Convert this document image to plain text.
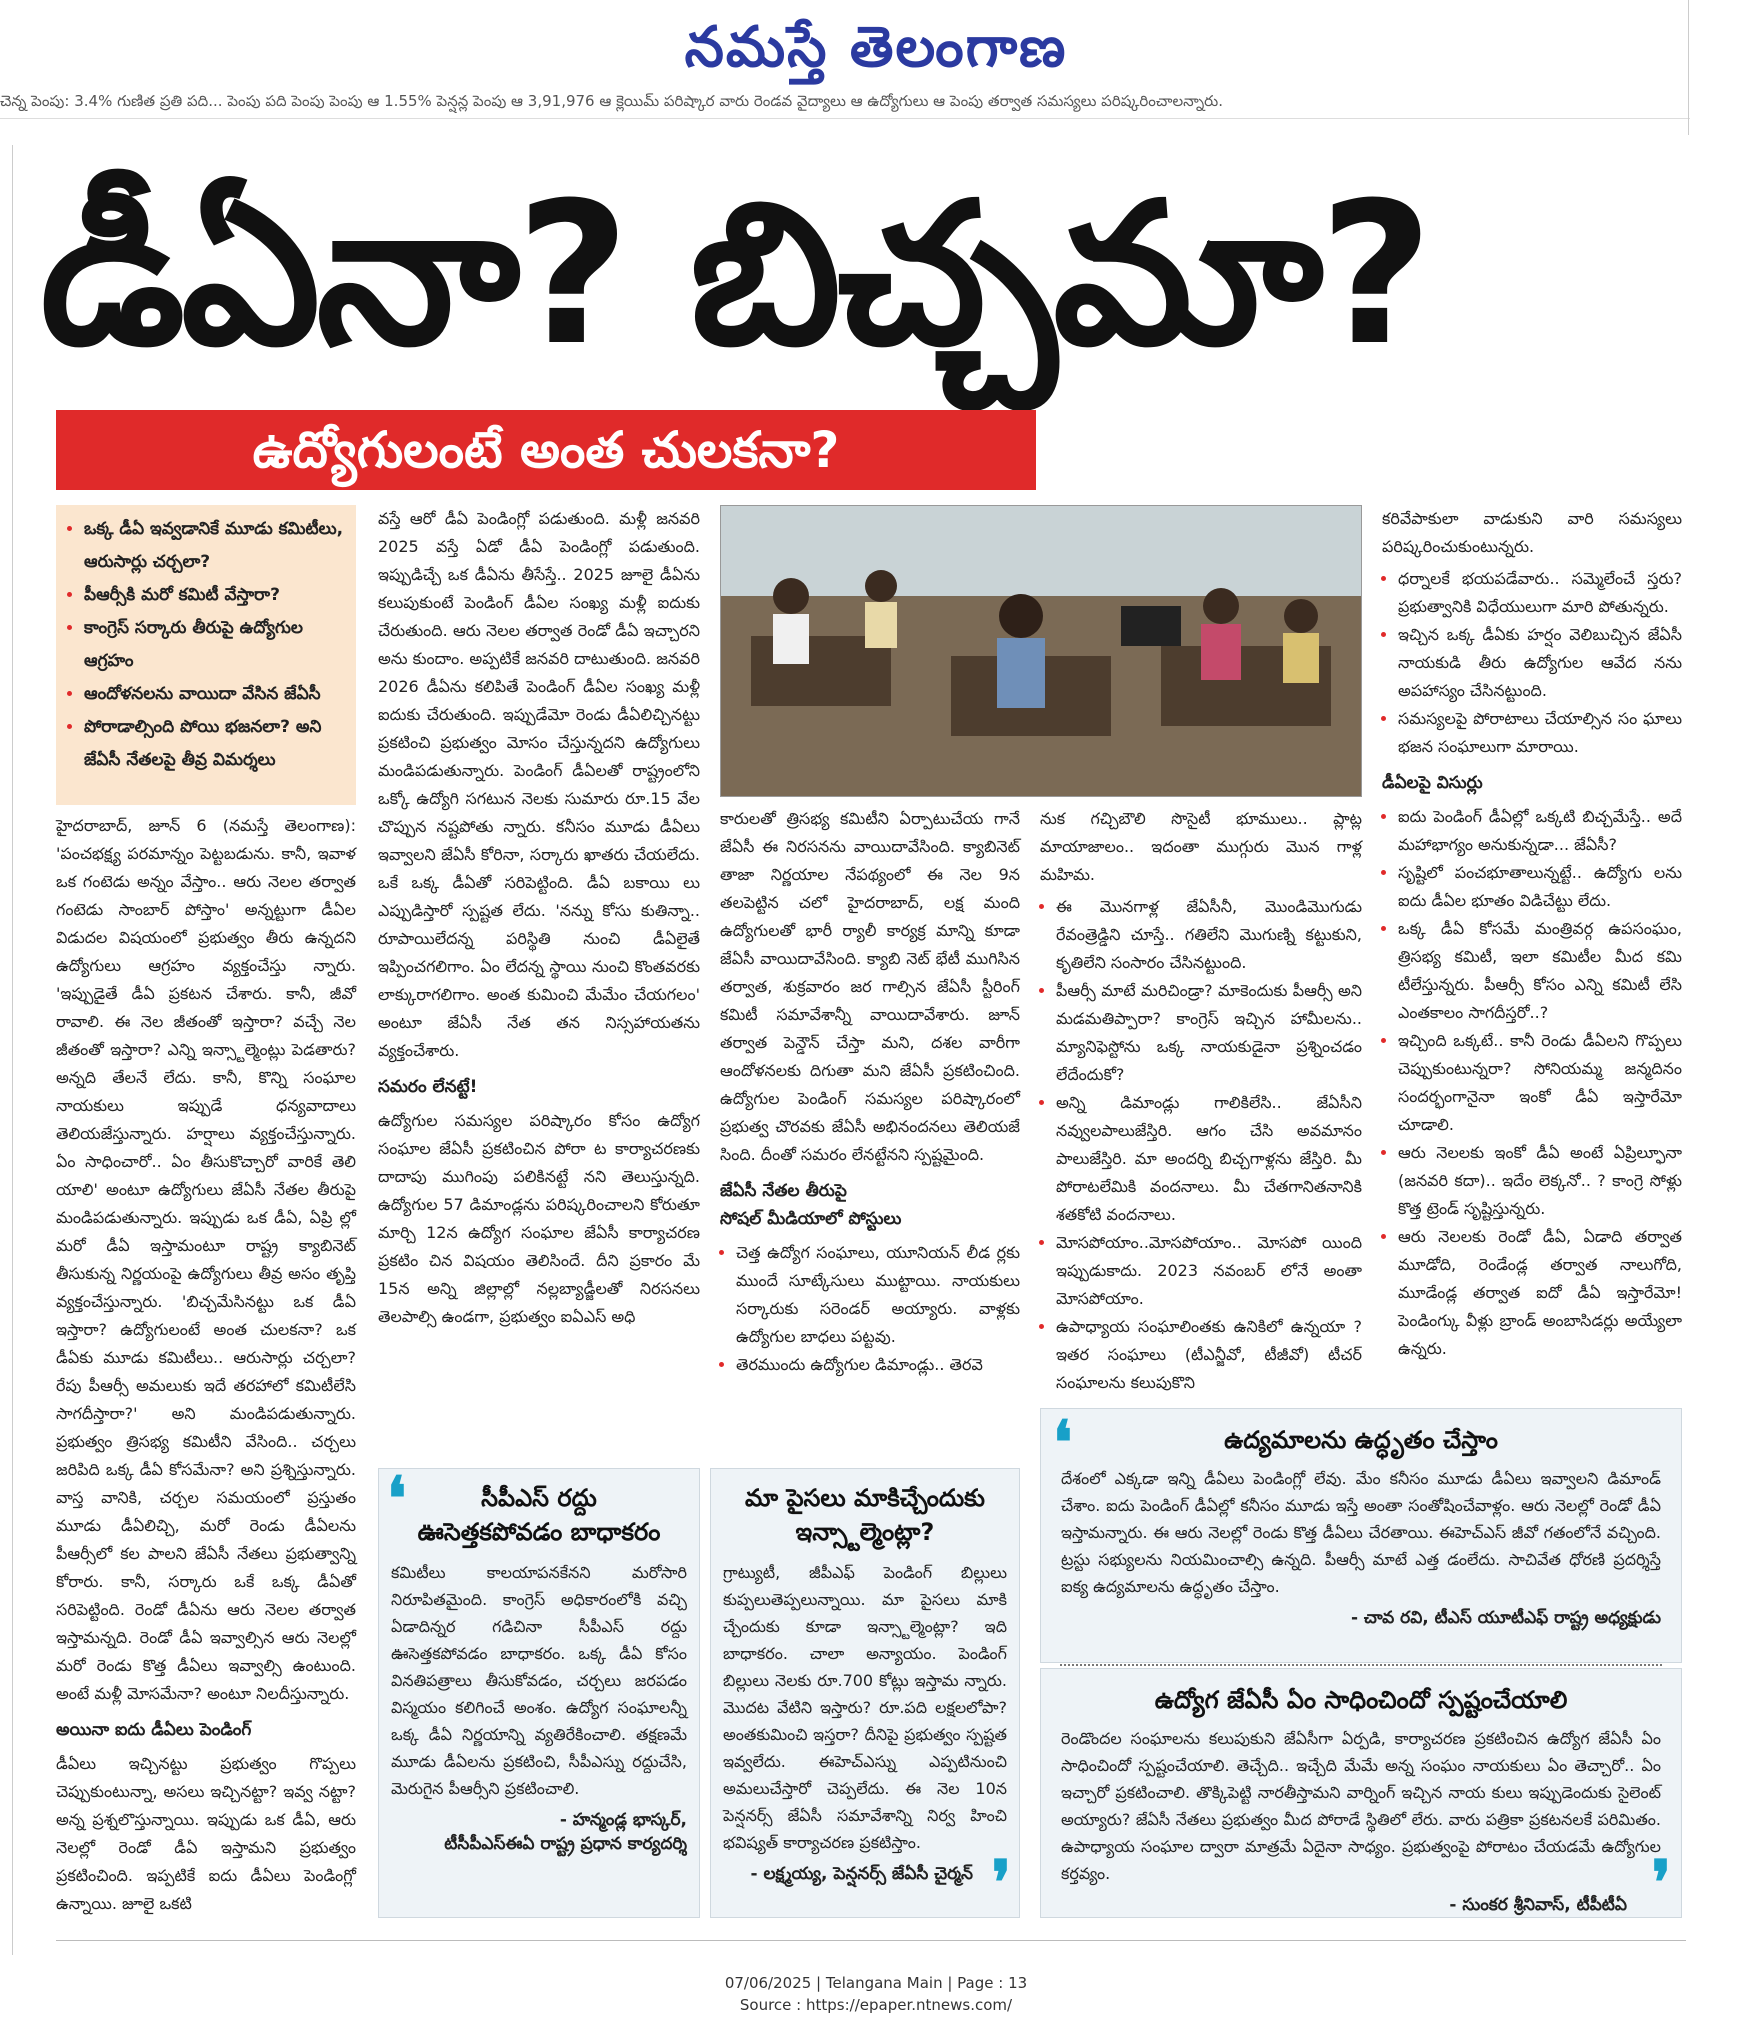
నమస్తే తెలంగాణ
చెన్న పెంపు: 3.4% గుణిత ప్రతి పది... పెంపు పది పెంపు పెంపు ఆ 1.55% పెన్షన్ల పెంపు ఆ 3,91,976 ఆ క్లెయిమ్ పరిష్కార వారు రెండవ వైద్యాలు ఆ ఉద్యోగులు ఆ పెంపు తర్వాత సమస్యలు పరిష్కరించాలన్నారు.
డీఏనా? బిచ్చమా?
ఉద్యోగులంటే అంత చులకనా?
• ఒక్క డీఏ ఇవ్వడానికే మూడు కమిటీలు, ఆరుసార్లు చర్చలా?
• పీఆర్సీకి మరో కమిటీ వేస్తారా?
• కాంగ్రెస్ సర్కారు తీరుపై ఉద్యోగుల ఆగ్రహం
• ఆందోళనలను వాయిదా వేసిన జేఏసీ
• పోరాడాల్సింది పోయి భజనలా? అని జేఏసీ నేతలపై తీవ్ర విమర్శలు

హైదరాబాద్, జూన్ 6 (నమస్తే తెలంగాణ): 'పంచభక్ష్య పరమాన్నం పెట్టబడును. కానీ, ఇవాళ ఒక గంటెడు అన్నం వేస్తాం.. ఆరు నెలల తర్వాత గంటెడు సాంబార్ పోస్తాం' అన్నట్టుగా డీఏల విడుదల విషయంలో ప్రభుత్వం తీరు ఉన్నదని ఉద్యోగులు ఆగ్రహం వ్యక్తంచేస్తు న్నారు. 'ఇప్పుడైతే డీఏ ప్రకటన చేశారు. కానీ, జీవో రావాలి. ఈ నెల జీతంతో ఇస్తారా? వచ్చే నెల జీతంతో ఇస్తారా? ఎన్ని ఇన్స్టాల్మెంట్లు పెడతారు? అన్నది తేలనే లేదు. కానీ, కొన్ని సంఘాల నాయకులు ఇప్పుడే ధన్యవాదాలు తెలియజేస్తున్నారు. హర్షాలు వ్యక్తంచేస్తున్నారు. ఏం సాధించారో.. ఏం తీసుకొచ్చారో వారికే తెలి యాలి' అంటూ ఉద్యోగులు జేఏసీ నేతల తీరుపై మండిపడుతున్నారు. ఇప్పుడు ఒక డీఏ, ఏప్రి ల్లో మరో డీఏ ఇస్తామంటూ రాష్ట్ర క్యాబినెట్ తీసుకున్న నిర్ణయంపై ఉద్యోగులు తీవ్ర అసం తృప్తి వ్యక్తంచేస్తున్నారు. 'బిచ్చమేసినట్టు ఒక డీఏ ఇస్తారా? ఉద్యోగులంటే అంత చులకనా? ఒక డీఏకు మూడు కమిటీలు.. ఆరుసార్లు చర్చలా? రేపు పీఆర్సీ అమలుకు ఇదే తరహాలో కమిటీలేసి సాగదీస్తారా?' అని మండిపడుతున్నారు. ప్రభుత్వం త్రిసభ్య కమిటీని వేసింది.. చర్చలు జరిపిది ఒక్క డీఏ కోసమేనా? అని ప్రశ్నిస్తున్నారు. వాస్త వానికి, చర్చల సమయంలో ప్రస్తుతం మూడు డీఏలిచ్చి, మరో రెండు డీఏలను పీఆర్సీలో కల పాలని జేఏసీ నేతలు ప్రభుత్వాన్ని కోరారు. కానీ, సర్కారు ఒకే ఒక్క డీఏతో సరిపెట్టింది. రెండో డీఏను ఆరు నెలల తర్వాత ఇస్తామన్నది. రెండో డీఏ ఇవ్వాల్సిన ఆరు నెలల్లో మరో రెండు కొత్త డీఏలు ఇవ్వాల్సి ఉంటుంది. అంటే మళ్లీ మోసమేనా? అంటూ నిలదీస్తున్నారు.

అయినా ఐదు డీఏలు పెండింగ్

డీఏలు ఇచ్చినట్టు ప్రభుత్వం గొప్పలు చెప్పుకుంటున్నా, అసలు ఇచ్చినట్టా? ఇవ్వ నట్టా? అన్న ప్రశ్నలొస్తున్నాయి. ఇప్పుడు ఒక డీఏ, ఆరు నెలల్లో రెండో డీఏ ఇస్తామని ప్రభుత్వం ప్రకటించింది. ఇప్పటికే ఐదు డీఏలు పెండింగ్లో ఉన్నాయి. జూలై ఒకటి

వస్తే ఆరో డీఏ పెండింగ్లో పడుతుంది. మళ్లీ జనవరి 2025 వస్తే ఏడో డీఏ పెండింగ్లో పడుతుంది. ఇప్పుడిచ్చే ఒక డీఏను తీసేస్తే.. 2025 జూలై డీఏను కలుపుకుంటే పెండింగ్ డీఏల సంఖ్య మళ్లీ ఐదుకు చేరుతుంది. ఆరు నెలల తర్వాత రెండో డీఏ ఇచ్చారని అను కుందాం. అప్పటికే జనవరి దాటుతుంది. జనవరి 2026 డీఏను కలిపితే పెండింగ్ డీఏల సంఖ్య మళ్లీ ఐదుకు చేరుతుంది. ఇప్పుడేమో రెండు డీఏలిచ్చినట్టు ప్రకటించి ప్రభుత్వం మోసం చేస్తున్నదని ఉద్యోగులు మండిపడుతున్నారు. పెండింగ్ డీఏలతో రాష్ట్రంలోని ఒక్కో ఉద్యోగి సగటున నెలకు సుమారు రూ.15 వేల చొప్పున నష్టపోతు న్నారు. కనీసం మూడు డీఏలు ఇవ్వాలని జేఏసీ కోరినా, సర్కారు ఖాతరు చేయలేదు. ఒకే ఒక్క డీఏతో సరిపెట్టింది. డీఏ బకాయి లు ఎప్పుడిస్తారో స్పష్టత లేదు. 'నన్ను కోసు కుతిన్నా.. రూపాయిలేదన్న పరిస్థితి నుంచి డీఏలైతే ఇప్పించగలిగాం. ఏం లేదన్న స్థాయి నుంచి కొంతవరకు లాక్కురాగలిగాం. అంత కుమించి మేమేం చేయగలం' అంటూ జేఏసీ నేత తన నిస్సహాయతను వ్యక్తంచేశారు.

సమరం లేనట్టే!

ఉద్యోగుల సమస్యల పరిష్కారం కోసం ఉద్యోగ సంఘాల జేఏసీ ప్రకటించిన పోరా ట కార్యాచరణకు దాదాపు ముగింపు పలికినట్టే నని తెలుస్తున్నది. ఉద్యోగుల 57 డిమాండ్లను పరిష్కరించాలని కోరుతూ మార్చి 12న ఉద్యోగ సంఘాల జేఏసీ కార్యాచరణ ప్రకటిం చిన విషయం తెలిసిందే. దీని ప్రకారం మే 15న అన్ని జిల్లాల్లో నల్లబ్యాడ్జీలతో నిరసనలు తెలపాల్సి ఉండగా, ప్రభుత్వం ఐఏఎస్ అధి

కారులతో త్రిసభ్య కమిటీని ఏర్పాటుచేయ గానే జేఏసీ ఈ నిరసనను వాయిదావేసింది. క్యాబినెట్ తాజా నిర్ణయాల నేపథ్యంలో ఈ నెల 9న తలపెట్టిన చలో హైదరాబాద్, లక్ష మంది ఉద్యోగులతో భారీ ర్యాలీ కార్యక్ర మాన్ని కూడా జేఏసీ వాయిదావేసింది. క్యాబి నెట్ భేటీ ముగిసిన తర్వాత, శుక్రవారం జర గాల్సిన జేఏసీ స్టీరింగ్ కమిటీ సమావేశాన్నీ వాయిదావేశారు. జూన్ తర్వాత పెన్డౌన్ చేస్తా మని, దశల వారీగా ఆందోళనలకు దిగుతా మని జేఏసీ ప్రకటించింది. ఉద్యోగుల పెండింగ్ సమస్యల పరిష్కారంలో ప్రభుత్వ చొరవకు జేఏసీ అభినందనలు తెలియజే సింది. దీంతో సమరం లేనట్టేనని స్పష్టమైంది.

జేఏసీ నేతల తీరుపై
సోషల్ మీడియాలో పోస్టులు
• చెత్త ఉద్యోగ సంఘాలు, యూనియన్ లీడ ర్లకు ముందే సూట్కేసులు ముట్టాయి. నాయకులు సర్కారుకు సరెండర్ అయ్యారు. వాళ్లకు ఉద్యోగుల బాధలు పట్టవు.
• తెరముందు ఉద్యోగుల డిమాండ్లు.. తెరవె

నుక గచ్చిబౌలి సొసైటీ భూములు.. ప్లాట్ల మాయాజాలం.. ఇదంతా ముగ్గురు మొన గాళ్ల మహిమ.

• ఈ మొనగాళ్ల జేఏసీనీ, మొండిమొగుడు రేవంత్రెడ్డిని చూస్తే.. గతిలేని మొగుణ్ని కట్టుకుని, కృతిలేని సంసారం చేసినట్టుంది.
• పీఆర్సీ మాటే మరిచిండ్రా? మాకెందుకు పీఆర్సీ అని మడమతిప్పారా? కాంగ్రెస్ ఇచ్చిన హామీలను.. మ్యానిఫెస్టోను ఒక్క నాయకుడైనా ప్రశ్నించడం లేదేందుకో?
• అన్ని డిమాండ్లు గాలికిలేసి.. జేఏసీని నవ్వులపాలుజేస్తిరి. ఆగం చేసి అవమానం పాలుజేస్తిరి. మా అందర్ని బిచ్చగాళ్లను జేస్తిరి. మీ పోరాటలేమికి వందనాలు. మీ చేతగానితనానికి శతకోటి వందనాలు.
• మోసపోయాం..మోసపోయాం.. మోసపో యింది ఇప్పుడుకాదు. 2023 నవంబర్ లోనే అంతా మోసపోయాం.
• ఉపాధ్యాయ సంఘాలింతకు ఉనికిలో ఉన్నయా ? ఇతర సంఘాలు (టీఎన్జీవో, టీజీవో) టీచర్ సంఘాలను కలుపుకొని

కరివేపాకులా వాడుకుని వారి సమస్యలు పరిష్కరించుకుంటున్నరు.

• ధర్నాలకే భయపడేవారు.. సమ్మెలేంచే స్తరు? ప్రభుత్వానికి విధేయులుగా మారి పోతున్నరు.
• ఇచ్చిన ఒక్క డీఏకు హర్షం వెలిబుచ్చిన జేఏసీ నాయకుడి తీరు ఉద్యోగుల ఆవేద నను అపహాస్యం చేసినట్టుంది.
• సమస్యలపై పోరాటాలు చేయాల్సిన సం ఘాలు భజన సంఘాలుగా మారాయి.
డీఏలపై విసుర్లు
• ఐదు పెండింగ్ డీఏల్లో ఒక్కటి బిచ్చమేస్తే.. అదే మహాభాగ్యం అనుకున్నడా... జేఏసీ?
• సృష్టిలో పంచభూతాలున్నట్టే.. ఉద్యోగు లను ఐదు డీఏల భూతం విడిచేట్టు లేదు.
• ఒక్క డీఏ కోసమే మంత్రివర్గ ఉపసంఘం, త్రిసభ్య కమిటీ, ఇలా కమిటీల మీద కమి టీలేస్తున్నరు. పీఆర్సీ కోసం ఎన్ని కమిటీ లేసి ఎంతకాలం సాగదీస్తరో..?
• ఇచ్చింది ఒక్కటే.. కానీ రెండు డీఏలని గొప్పలు చెప్పుకుంటున్నరా? సోనియమ్మ జన్మదినం సందర్భంగానైనా ఇంకో డీఏ ఇస్తారేమో చూడాలి.
• ఆరు నెలలకు ఇంకో డీఏ అంటే ఏప్రిల్ఫూనా (జనవరి కదా).. ఇదేం లెక్కనో.. ? కాంగ్రె సోళ్లు కొత్త ట్రెండ్ సృష్టిస్తున్నరు.
• ఆరు నెలలకు రెండో డీఏ, ఏడాది తర్వాత మూడోది, రెండేండ్ల తర్వాత నాలుగోది, మూడేండ్ల తర్వాత ఐదో డీఏ ఇస్తారేమో! పెండింగ్కు వీళ్లు బ్రాండ్ అంబాసిడర్లు అయ్యేలా ఉన్నరు.
❛	సీపీఎస్ రద్దు
ఊసెత్తకపోవడం బాధాకరం
కమిటీలు కాలయాపనకేనని మరోసారి నిరూపితమైంది. కాంగ్రెస్ అధికారంలోకి వచ్చి ఏడాదిన్నర గడిచినా సీపీఎస్ రద్దు ఊసెత్తకపోవడం బాధాకరం. ఒక్క డీఏ కోసం వినతిపత్రాలు తీసుకోవడం, చర్చలు జరపడం విస్మయం కలిగించే అంశం. ఉద్యోగ సంఘాలన్నీ ఒక్క డీఏ నిర్ణయాన్ని వ్యతిరేకించాలి. తక్షణమే మూడు డీఏలను ప్రకటించి, సీపీఎస్ను రద్దుచేసి, మెరుగైన పీఆర్సీని ప్రకటించాలి.
- హన్మండ్ల భాస్కర్,
టీసీపీఎస్ఈఏ రాష్ట్ర ప్రధాన కార్యదర్శి
మా పైసలు మాకిచ్చేందుకు
ఇన్స్టాల్మెంట్లా?
గ్రాట్యుటీ, జీపీఎఫ్ పెండింగ్ బిల్లులు కుప్పలుతెప్పలున్నాయి. మా పైసలు మాకి చ్చేందుకు కూడా ఇన్స్టాల్మెంట్లా? ఇది బాధాకరం. చాలా అన్యాయం. పెండింగ్ బిల్లులు నెలకు రూ.700 కోట్లు ఇస్తామ న్నారు. మొదట వేటిని ఇస్తారు? రూ.పది లక్షలలోపా? అంతకుమించి ఇస్తరా? దీనిపై ప్రభుత్వం స్పష్టత ఇవ్వలేదు. ఈహెచ్ఎస్ను ఎప్పటినుంచి అమలుచేస్తారో చెప్పలేదు. ఈ నెల 10న పెన్షనర్స్ జేఏసీ సమావేశాన్ని నిర్వ హించి భవిష్యత్ కార్యాచరణ ప్రకటిస్తాం.
- లక్ష్మయ్య, పెన్షనర్స్ జేఏసీ చైర్మన్ ❜
❛	ఉద్యమాలను ఉద్ధృతం చేస్తాం
దేశంలో ఎక్కడా ఇన్ని డీఏలు పెండింగ్లో లేవు. మేం కనీసం మూడు డీఏలు ఇవ్వాలని డిమాండ్ చేశాం. ఐదు పెండింగ్ డీఏల్లో కనీసం మూడు ఇస్తే అంతా సంతోషించేవాళ్లం. ఆరు నెలల్లో రెండో డీఏ ఇస్తామన్నారు. ఈ ఆరు నెలల్లో రెండు కొత్త డీఏలు చేరతాయి. ఈహెచ్ఎస్ జీవో గతంలోనే వచ్చింది. ట్రస్టు సభ్యులను నియమించాల్సి ఉన్నది. పీఆర్సీ మాటే ఎత్త డంలేదు. సాచివేత ధోరణి ప్రదర్శిస్తే ఐక్య ఉద్యమాలను ఉద్ధృతం చేస్తాం.
- చావ రవి, టీఎస్ యూటీఎఫ్ రాష్ట్ర అధ్యక్షుడు
ఉద్యోగ జేఏసీ ఏం సాధించిందో స్పష్టంచేయాలి
రెండొందల సంఘాలను కలుపుకుని జేఏసీగా ఏర్పడి, కార్యాచరణ ప్రకటించిన ఉద్యోగ జేఏసీ ఏం సాధించిందో స్పష్టంచేయాలి. తెచ్చేది.. ఇచ్చేది మేమే అన్న సంఘం నాయకులు ఏం తెచ్చారో.. ఏం ఇచ్చారో ప్రకటించాలి. తొక్కిపెట్టి నారతీస్తామని వార్నింగ్ ఇచ్చిన నాయ కులు ఇప్పుడెందుకు సైలెంట్ అయ్యారు? జేఏసీ నేతలు ప్రభుత్వం మీద పోరాడే స్థితిలో లేరు. వారు పత్రికా ప్రకటనలకే పరిమితం. ఉపాధ్యాయ సంఘాల ద్వారా మాత్రమే ఏదైనా సాధ్యం. ప్రభుత్వంపై పోరాటం చేయడమే ఉద్యోగుల కర్తవ్యం.
- సుంకర శ్రీనివాస్, టీపీటీఏ ❜
07/06/2025 | Telangana Main | Page : 13
Source : https://epaper.ntnews.com/
